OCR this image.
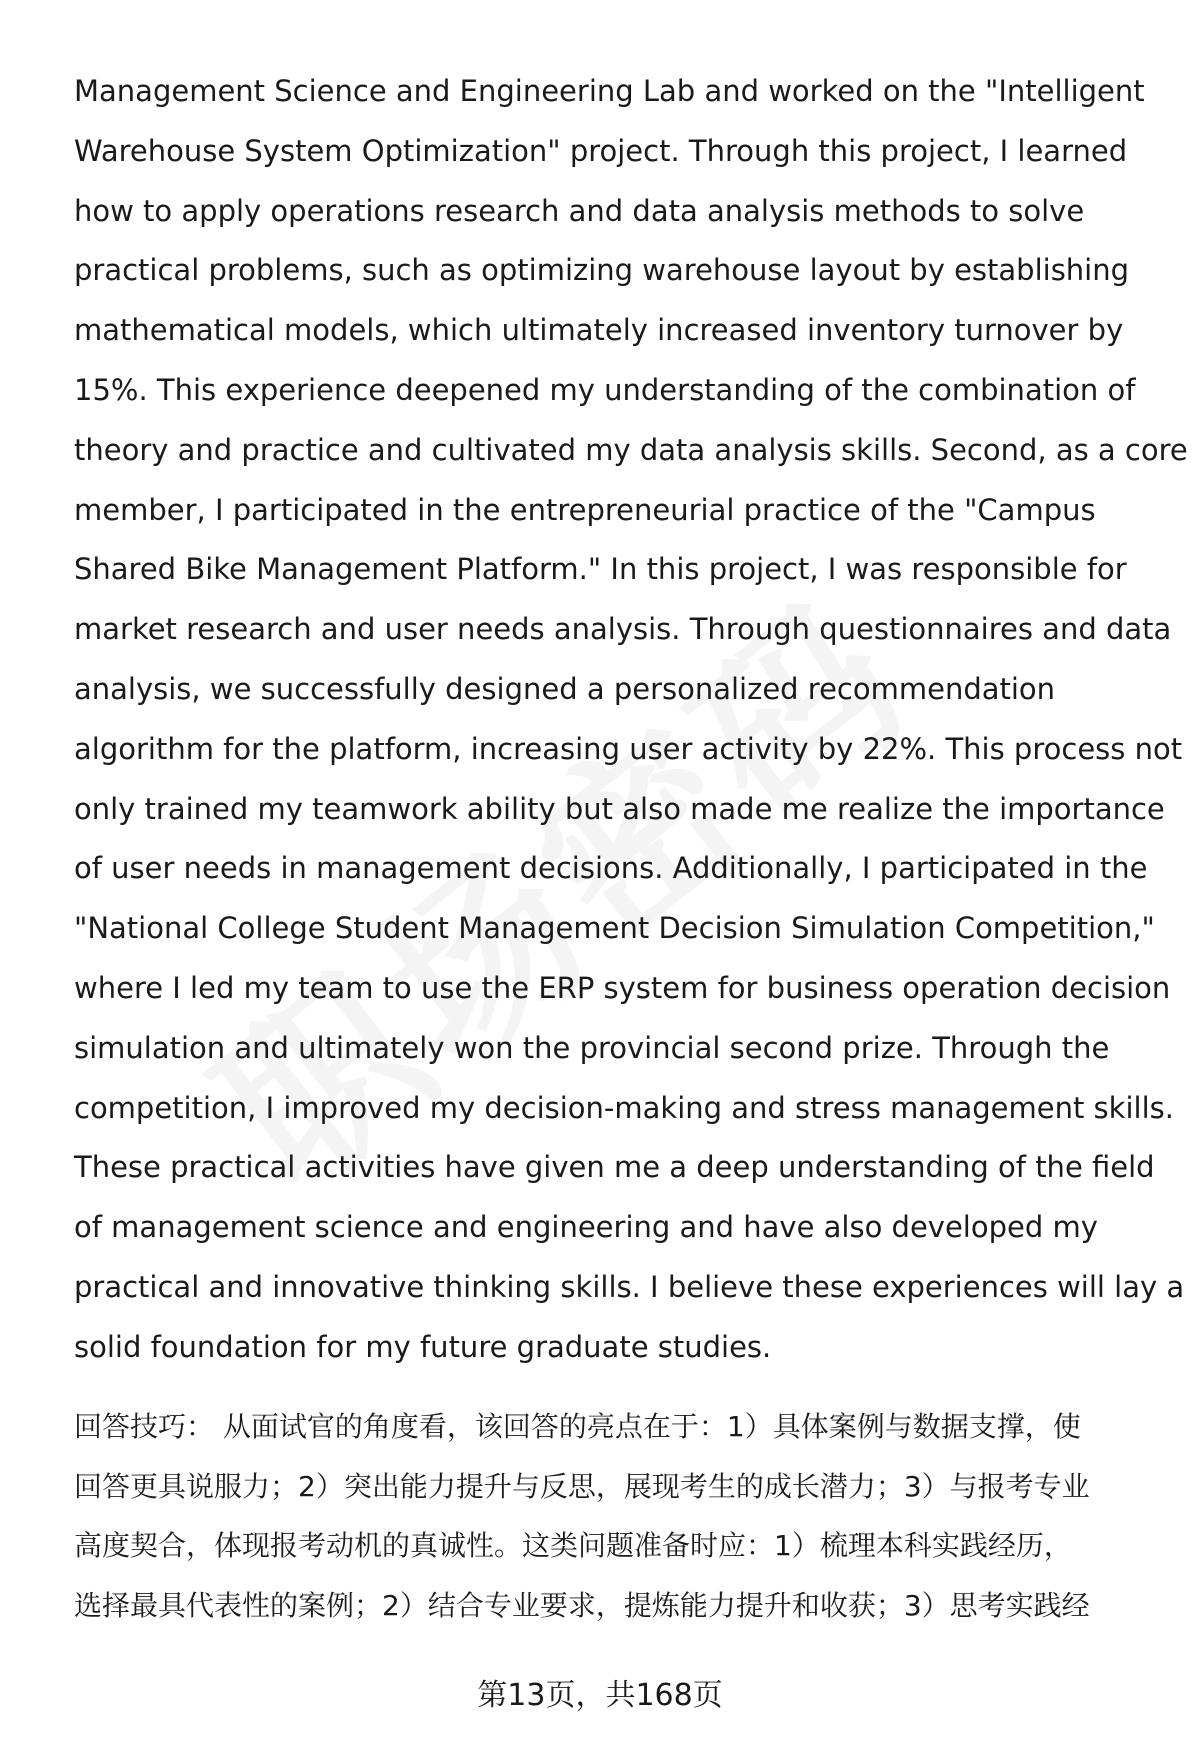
Management Science and Engineering Lab and worked on the "Intelligent
Warehouse System Optimization" project. Through this project, I learned
how to apply operations research and data analysis methods to solve
practical problems, such as optimizing warehouse layout by establishing
mathematical models, which ultimately increased inventory turnover by
15%. This experience deepened my understanding of the combination of
theory and practice and cultivated my data analysis skills. Second, as a core
member, I participated in the entrepreneurial practice of the "Campus
Shared Bike Management Platform." In this project, I was responsible for
market research and user needs analysis. Through questionnaires and data
analysis, we successfully designed a personalized recommendation
algorithm for the platform, increasing user activity by 22%. This process not
only trained my teamwork ability but also made me realize the importance
of user needs in management decisions. Additionally, I participated in the
"National College Student Management Decision Simulation Competition,"
where I led my team to use the ERP system for business operation decision
simulation and ultimately won the provincial second prize. Through the
competition, I improved my decision-making and stress management skills.
These practical activities have given me a deep understanding of the field
of management science and engineering and have also developed my
practical and innovative thinking skills. I believe these experiences will lay a
solid foundation for my future graduate studies.
回答技巧： 从面试官的角度看，该回答的亮点在于：1）具体案例与数据支撑，使
回答更具说服力；2）突出能力提升与反思，展现考生的成长潜力；3）与报考专业
高度契合，体现报考动机的真诚性。这类问题准备时应：1）梳理本科实践经历，
选择最具代表性的案例；2）结合专业要求，提炼能力提升和收获；3）思考实践经
第13页，共168页
